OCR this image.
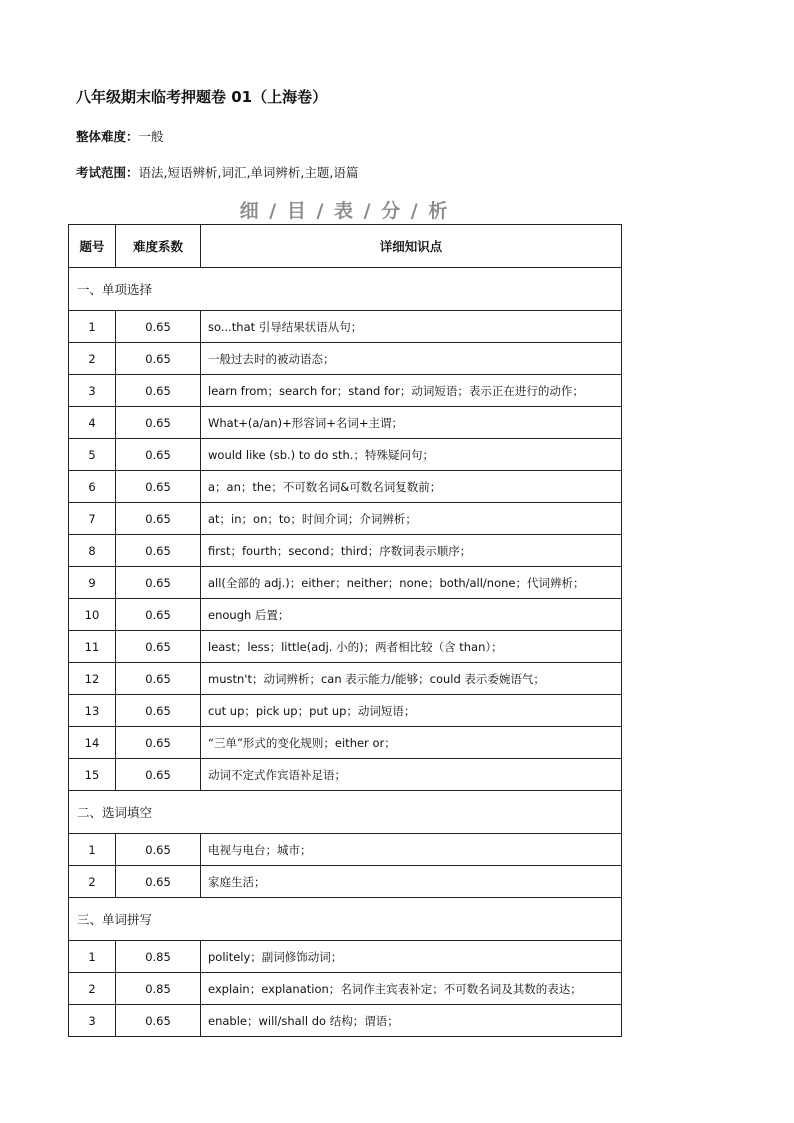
八年级期末临考押题卷 01（上海卷）
整体难度：一般
考试范围：语法,短语辨析,词汇,单词辨析,主题,语篇
细 / 目 / 表 / 分 / 析
题号	难度系数	详细知识点
一、单项选择		
1	0.65	so...that 引导结果状语从句；
2	0.65	一般过去时的被动语态；
3	0.65	learn from；search for；stand for；动词短语；表示正在进行的动作；
4	0.65	What+(a/an)+形容词+名词+主谓；
5	0.65	would like (sb.) to do sth.；特殊疑问句；
6	0.65	a；an；the；不可数名词&可数名词复数前；
7	0.65	at；in；on；to；时间介词；介词辨析；
8	0.65	first；fourth；second；third；序数词表示顺序；
9	0.65	all(全部的 adj.)；either；neither；none；both/all/none；代词辨析；
10	0.65	enough 后置；
11	0.65	least；less；little(adj. 小的)；两者相比较（含 than）；
12	0.65	mustn't；动词辨析；can 表示能力/能够；could 表示委婉语气；
13	0.65	cut up；pick up；put up；动词短语；
14	0.65	“三单”形式的变化规则；either or；
15	0.65	动词不定式作宾语补足语；
二、选词填空		
1	0.65	电视与电台；城市；
2	0.65	家庭生活；
三、单词拼写		
1	0.85	politely；副词修饰动词；
2	0.85	explain；explanation；名词作主宾表补定；不可数名词及其数的表达；
3	0.65	enable；will/shall do 结构；谓语；
